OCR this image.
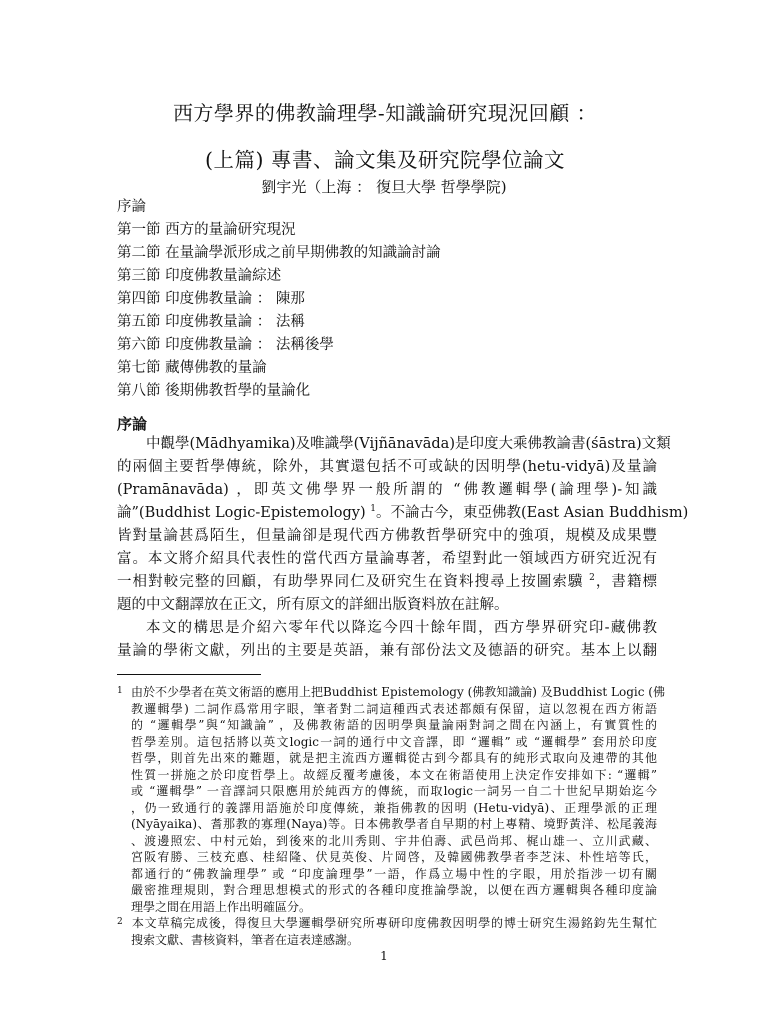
西方學界的佛教論理學-知識論研究現況回顧 ：
(上篇) 專書、論文集及研究院學位論文
劉宇光（上海 ： 復旦大學 哲學學院)
序論
第一節 西方的量論研究現況
第二節 在量論學派形成之前早期佛教的知識論討論
第三節 印度佛教量論綜述
第四節 印度佛教量論 ： 陳那
第五節 印度佛教量論 ： 法稱
第六節 印度佛教量論 ： 法稱後學
第七節 藏傳佛教的量論
第八節 後期佛教哲學的量論化
序論
中觀學(Mādhyamika)及唯識學(Vijñānavāda)是印度大乘佛教論書(śāstra)文類
的兩個主要哲學傳統，除外，其實還包括不可或缺的因明學(hetu-vidyā)及量論
(Pramānavāda) ，即英文佛學界一般所謂的 “佛教邏輯學(論理學)-知識
論”(Buddhist Logic-Epistemology) $^1$。不論古今，東亞佛教(East Asian Buddhism)
皆對量論甚爲陌生，但量論卻是現代西方佛教哲學研究中的強項，規模及成果豐
富。本文將介紹具代表性的當代西方量論專著，希望對此一領域西方研究近況有
一相對較完整的回顧，有助學界同仁及研究生在資料搜尋上按圖索驥 $^2$，書籍標
題的中文翻譯放在正文，所有原文的詳細出版資料放在註解。
本文的構思是介紹六零年代以降迄今四十餘年間，西方學界研究印-藏佛教
量論的學術文獻，列出的主要是英語，兼有部份法文及德語的研究。基本上以翻
1 由於不少學者在英文術語的應用上把Buddhist Epistemology (佛教知識論) 及Buddhist Logic (佛
教邏輯學) 二詞作爲常用字眼，筆者對二詞這種西式表述都頗有保留，這以忽視在西方術語
的 “邏輯學”與“知識論” ，及佛教術語的因明學與量論兩對詞之間在內涵上，有實質性的
哲學差別。這包括將以英文logic一詞的通行中文音譯，即 “邏輯” 或 “邏輯學” 套用於印度
哲學，則首先出來的難題，就是把主流西方邏輯從古到今都具有的純形式取向及連帶的其他
性質一拼施之於印度哲學上。故經反覆考慮後，本文在術語使用上決定作安排如下: “邏輯”
或 “邏輯學” 一音譯詞只限應用於純西方的傳統，而取logic一詞另一自二十世紀早期始迄今
，仍一致通行的義譯用語施於印度傳統，兼指佛教的因明 (Hetu-vidyā)、正理學派的正理
(Nyāyaika)、耆那教的寡理(Naya)等。日本佛教學者自早期的村上專精、境野黃洋、松尾義海
、渡邊照宏、中村元始，到後來的北川秀則、宇井伯壽、武邑尚邦、梶山雄一、立川武藏、
宮阪宥勝、三枝充悳、桂紹隆、伏見英俊、片岡啓，及韓國佛教學者李芝沫、朴性培等氏，
都通行的“佛教論理學” 或 “印度論理學”一語，作爲立場中性的字眼，用於指涉一切有關
嚴密推理規則，對合理思想模式的形式的各種印度推論學說，以便在西方邏輯與各種印度論
理學之間在用語上作出明確區分。
2 本文草稿完成後，得復旦大學邏輯學研究所專研印度佛教因明學的博士研究生湯銘鈞先生幫忙
搜索文獻、書核資料，筆者在這表達感謝。
1
